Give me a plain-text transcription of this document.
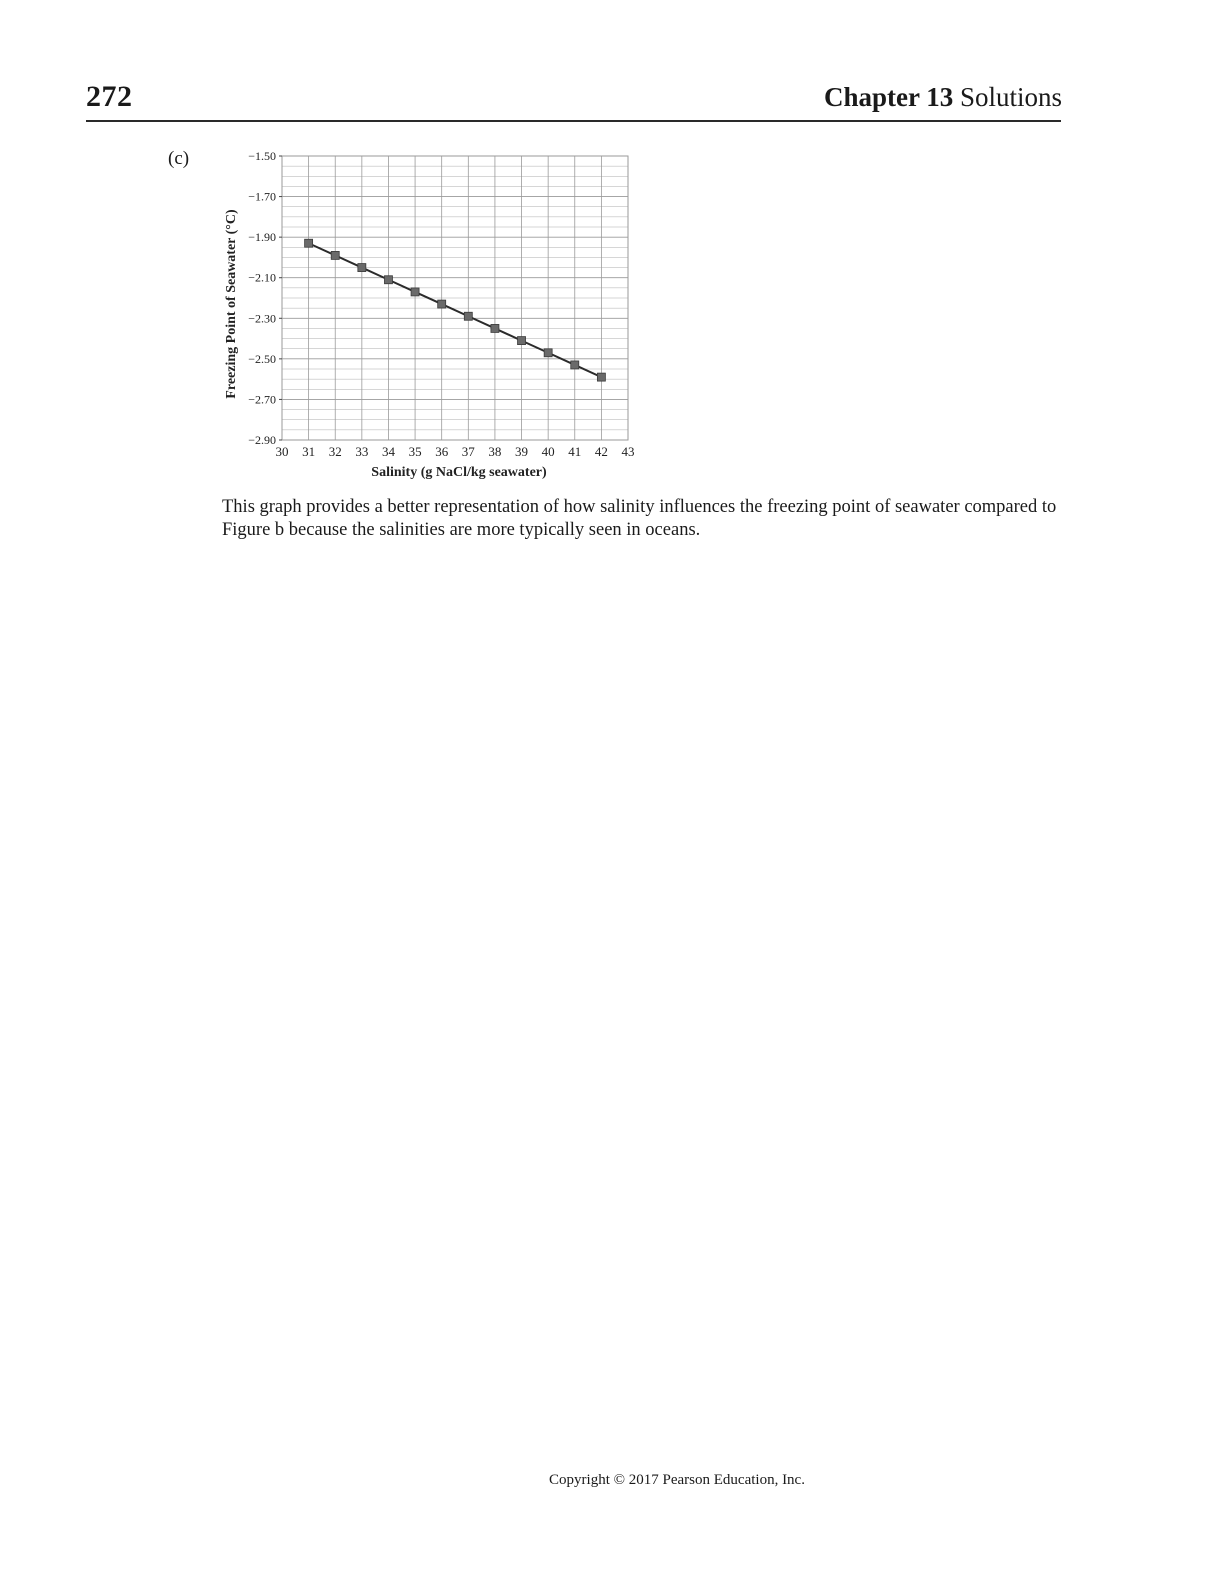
272	Chapter 13 Solutions
(c)	−1.50
−1.70
−1.90
−2.10
−2.30
−2.50
−2.70
−2.90
30 31 32 33 34 35 36 37 38 39 40 41 42 43
Salinity (g NaCl/kg seawater)
Freezing Point of Seawater (°C)
This graph provides a better representation of how salinity influences the freezing point of seawater compared to Figure b because the salinities are more typically seen in oceans.
Copyright © 2017 Pearson Education, Inc.
